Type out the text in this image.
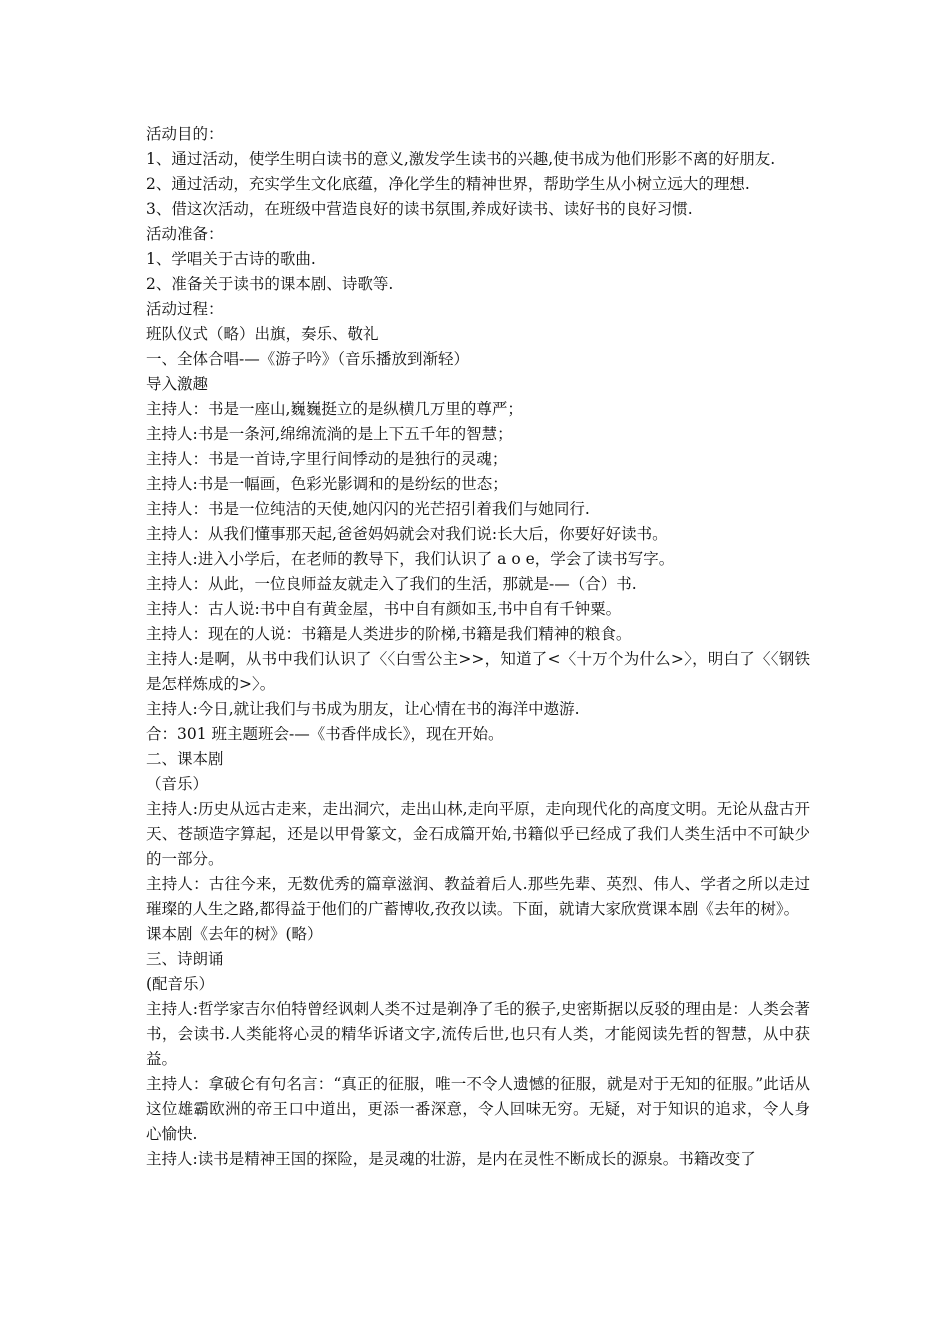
活动目的：

1、通过活动，使学生明白读书的意义,激发学生读书的兴趣,使书成为他们形影不离的好朋友.

2、通过活动，充实学生文化底蕴，净化学生的精神世界，帮助学生从小树立远大的理想.

3、借这次活动，在班级中营造良好的读书氛围,养成好读书、读好书的良好习惯.

活动准备：

1、学唱关于古诗的歌曲.

2、准备关于读书的课本剧、诗歌等.

活动过程：

班队仪式（略）出旗，奏乐、敬礼

一、全体合唱-—《游子吟》（音乐播放到渐轻）

导入激趣

主持人：书是一座山,巍巍挺立的是纵横几万里的尊严；

主持人:书是一条河,绵绵流淌的是上下五千年的智慧；

主持人：书是一首诗,字里行间悸动的是独行的灵魂；

主持人:书是一幅画，色彩光影调和的是纷纭的世态；

主持人：书是一位纯洁的天使,她闪闪的光芒招引着我们与她同行.

主持人：从我们懂事那天起,爸爸妈妈就会对我们说:长大后，你要好好读书。

主持人:进入小学后，在老师的教导下，我们认识了 a o e，学会了读书写字。

主持人：从此，一位良师益友就走入了我们的生活，那就是-—（合）书.

主持人：古人说:书中自有黄金屋，书中自有颜如玉,书中自有千钟粟。

主持人：现在的人说：书籍是人类进步的阶梯,书籍是我们精神的粮食。

主持人:是啊，从书中我们认识了〈〈白雪公主>>，知道了<〈十万个为什么>〉，明白了〈〈钢铁是怎样炼成的>〉。

主持人:今日,就让我们与书成为朋友，让心情在书的海洋中遨游.

合：301 班主题班会-—《书香伴成长》，现在开始。

二、课本剧

（音乐）

主持人:历史从远古走来，走出洞穴，走出山林,走向平原，走向现代化的高度文明。无论从盘古开天、苍颉造字算起，还是以甲骨篆文，金石成篇开始,书籍似乎已经成了我们人类生活中不可缺少的一部分。

主持人：古往今来，无数优秀的篇章滋润、教益着后人.那些先辈、英烈、伟人、学者之所以走过璀璨的人生之路,都得益于他们的广蓄博收,孜孜以读。下面，就请大家欣赏课本剧《去年的树》。

课本剧《去年的树》(略）

三、诗朗诵

(配音乐）

主持人:哲学家吉尔伯特曾经讽刺人类不过是剃净了毛的猴子,史密斯据以反驳的理由是：人类会著书，会读书.人类能将心灵的精华诉诸文字,流传后世,也只有人类，才能阅读先哲的智慧，从中获益。

主持人：拿破仑有句名言：“真正的征服，唯一不令人遗憾的征服，就是对于无知的征服。”此话从这位雄霸欧洲的帝王口中道出，更添一番深意，令人回味无穷。无疑，对于知识的追求，令人身心愉快.

主持人:读书是精神王国的探险，是灵魂的壮游，是内在灵性不断成长的源泉。书籍改变了
